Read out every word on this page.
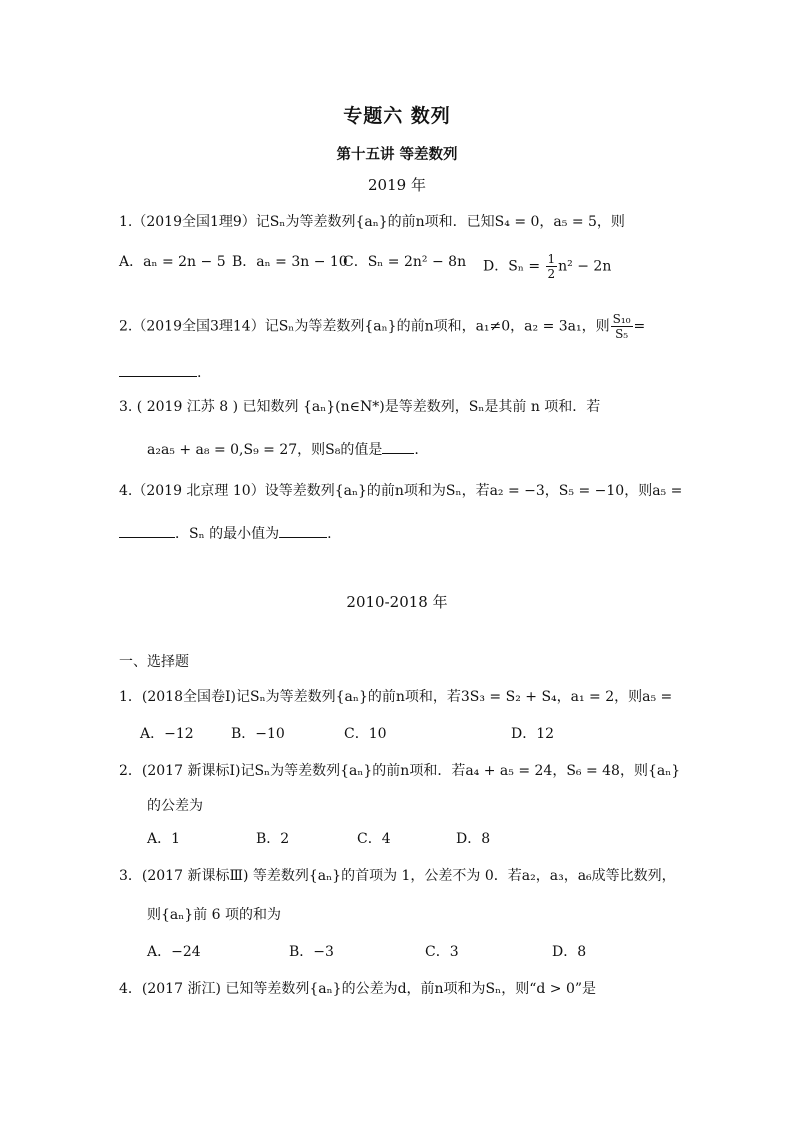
专题六 数列
第十五讲 等差数列
2019 年
1.（2019全国1理9）记Sₙ为等差数列{aₙ}的前n项和．已知S₄ = 0，a₅ = 5，则
A．aₙ = 2n − 5 B．aₙ = 3n − 10
C．Sₙ = 2n² − 8n D．$S_n = \frac{1}{2} n^2 - 2n$
2.（2019全国3理14）记Sₙ为等差数列{aₙ}的前n项和，a₁≠0，a₂ = 3a₁，则 $\frac{\text{S₁₀}}{\text{S₅}}$ =
.
3. ( 2019 江苏 8 ) 已知数列 {aₙ}(n∈N*)是等差数列，Sₙ是其前 n 项和．若
a₂a₅ + a₈ = 0,S₉ = 27，则S₈的值是 .
4.（2019 北京理 10）设等差数列{aₙ}的前n项和为Sₙ，若a₂ = −3，S₅ = −10，则a₅ =
．Sₙ 的最小值为	.
2010-2018 年
一、选择题
1．(2018全国卷Ⅰ)记Sₙ为等差数列{aₙ}的前n项和，若3S₃ = S₂ + S₄，a₁ = 2，则a₅ =
A．−12	B．−10	C．10	D．12
2．(2017 新课标Ⅰ)记Sₙ为等差数列{aₙ}的前n项和．若a₄ + a₅ = 24，S₆ = 48，则{aₙ}
的公差为
A．1	B．2	C．4	D．8
3．(2017 新课标Ⅲ) 等差数列{aₙ}的首项为 1，公差不为 0．若a₂，a₃，a₆成等比数列，
则{aₙ}前 6 项的和为
A．−24	B．−3	C．3	D．8
4．(2017 浙江) 已知等差数列{aₙ}的公差为d，前n项和为Sₙ，则“d > 0”是
